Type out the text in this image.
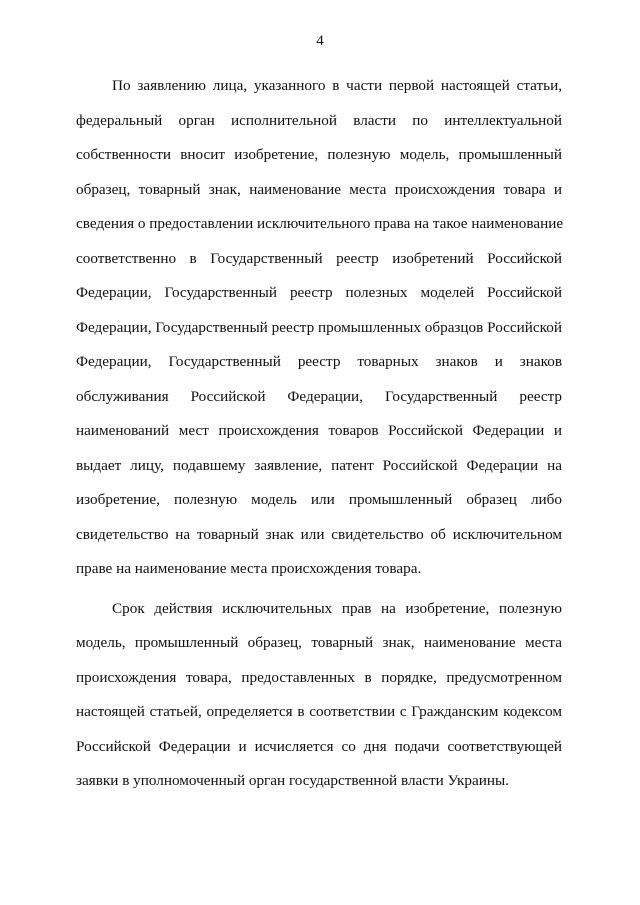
4
По заявлению лица, указанного в части первой настоящей статьи,
федеральный орган исполнительной власти по интеллектуальной
собственности вносит изобретение, полезную модель, промышленный
образец, товарный знак, наименование места происхождения товара и
сведения о предоставлении исключительного права на такое наименование
соответственно в Государственный реестр изобретений Российской
Федерации, Государственный реестр полезных моделей Российской
Федерации, Государственный реестр промышленных образцов Российской
Федерации, Государственный реестр товарных знаков и знаков
обслуживания Российской Федерации, Государственный реестр
наименований мест происхождения товаров Российской Федерации и
выдает лицу, подавшему заявление, патент Российской Федерации на
изобретение, полезную модель или промышленный образец либо
свидетельство на товарный знак или свидетельство об исключительном
праве на наименование места происхождения товара.
Срок действия исключительных прав на изобретение, полезную
модель, промышленный образец, товарный знак, наименование места
происхождения товара, предоставленных в порядке, предусмотренном
настоящей статьей, определяется в соответствии с Гражданским кодексом
Российской Федерации и исчисляется со дня подачи соответствующей
заявки в уполномоченный орган государственной власти Украины.
